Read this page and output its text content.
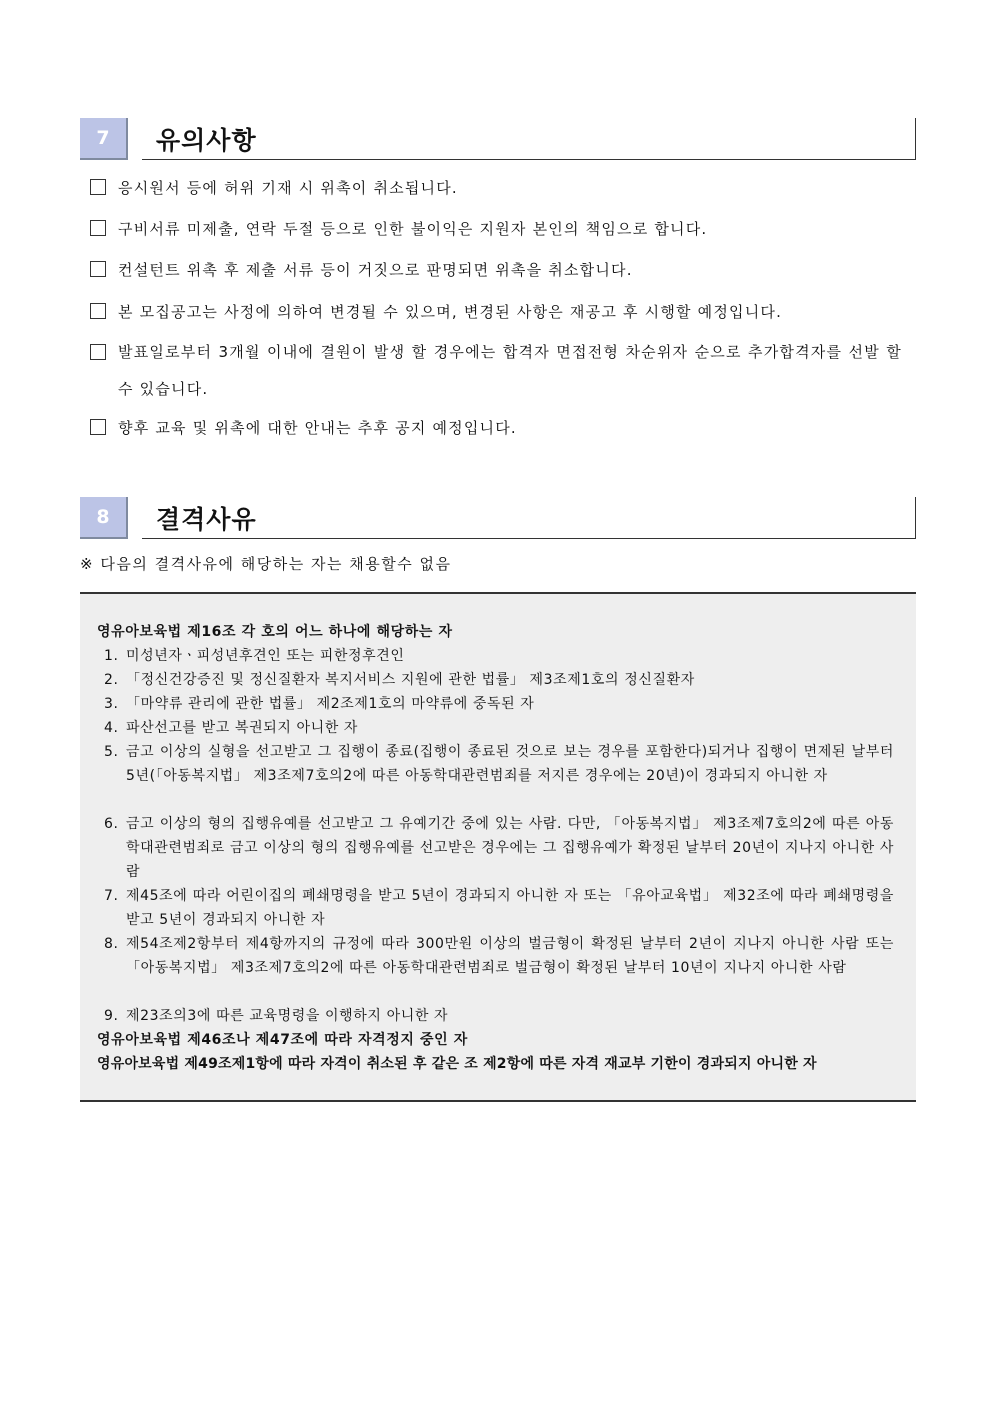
7	유의사항
응시원서 등에 허위 기재 시 위촉이 취소됩니다.
구비서류 미제출, 연락 두절 등으로 인한 불이익은 지원자 본인의 책임으로 합니다.
컨설턴트 위촉 후 제출 서류 등이 거짓으로 판명되면 위촉을 취소합니다.
본 모집공고는 사정에 의하여 변경될 수 있으며, 변경된 사항은 재공고 후 시행할 예정입니다.
발표일로부터 3개월 이내에 결원이 발생 할 경우에는 합격자 면접전형 차순위자 순으로 추가합격자를 선발 할 수 있습니다.
향후 교육 및 위촉에 대한 안내는 추후 공지 예정입니다.
8	결격사유
※ 다음의 결격사유에 해당하는 자는 채용할수 없음
영유아보육법 제16조 각 호의 어느 하나에 해당하는 자
1. 미성년자ㆍ피성년후견인 또는 피한정후견인
2. 「정신건강증진 및 정신질환자 복지서비스 지원에 관한 법률」 제3조제1호의 정신질환자
3. 「마약류 관리에 관한 법률」 제2조제1호의 마약류에 중독된 자
4. 파산선고를 받고 복권되지 아니한 자
5. 금고 이상의 실형을 선고받고 그 집행이 종료(집행이 종료된 것으로 보는 경우를 포함한다)되거나 집행이 면제된 날부터 5년(「아동복지법」 제3조제7호의2에 따른 아동학대관련범죄를 저지른 경우에는 20년)이 경과되지 아니한 자
6. 금고 이상의 형의 집행유예를 선고받고 그 유예기간 중에 있는 사람. 다만, 「아동복지법」 제3조제7호의2에 따른 아동학대관련범죄로 금고 이상의 형의 집행유예를 선고받은 경우에는 그 집행유예가 확정된 날부터 20년이 지나지 아니한 사람
7. 제45조에 따라 어린이집의 폐쇄명령을 받고 5년이 경과되지 아니한 자 또는 「유아교육법」 제32조에 따라 폐쇄명령을 받고 5년이 경과되지 아니한 자
8. 제54조제2항부터 제4항까지의 규정에 따라 300만원 이상의 벌금형이 확정된 날부터 2년이 지나지 아니한 사람 또는 「아동복지법」 제3조제7호의2에 따른 아동학대관련범죄로 벌금형이 확정된 날부터 10년이 지나지 아니한 사람
9. 제23조의3에 따른 교육명령을 이행하지 아니한 자
영유아보육법 제46조나 제47조에 따라 자격정지 중인 자
영유아보육법 제49조제1항에 따라 자격이 취소된 후 같은 조 제2항에 따른 자격 재교부 기한이 경과되지 아니한 자
